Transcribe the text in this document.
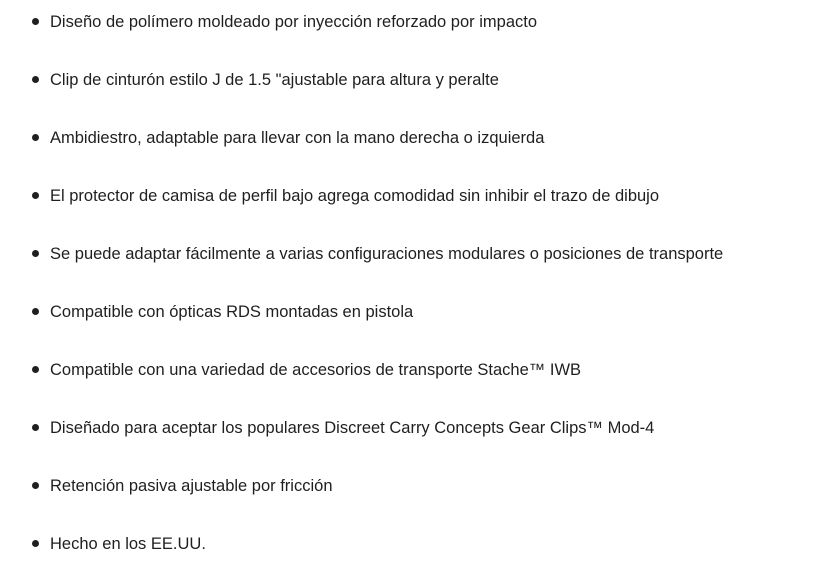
Diseño de polímero moldeado por inyección reforzado por impacto
Clip de cinturón estilo J de 1.5 "ajustable para altura y peralte
Ambidiestro, adaptable para llevar con la mano derecha o izquierda
El protector de camisa de perfil bajo agrega comodidad sin inhibir el trazo de dibujo
Se puede adaptar fácilmente a varias configuraciones modulares o posiciones de transporte
Compatible con ópticas RDS montadas en pistola
Compatible con una variedad de accesorios de transporte Stache™ IWB
Diseñado para aceptar los populares Discreet Carry Concepts Gear Clips™ Mod-4
Retención pasiva ajustable por fricción
Hecho en los EE.UU.
